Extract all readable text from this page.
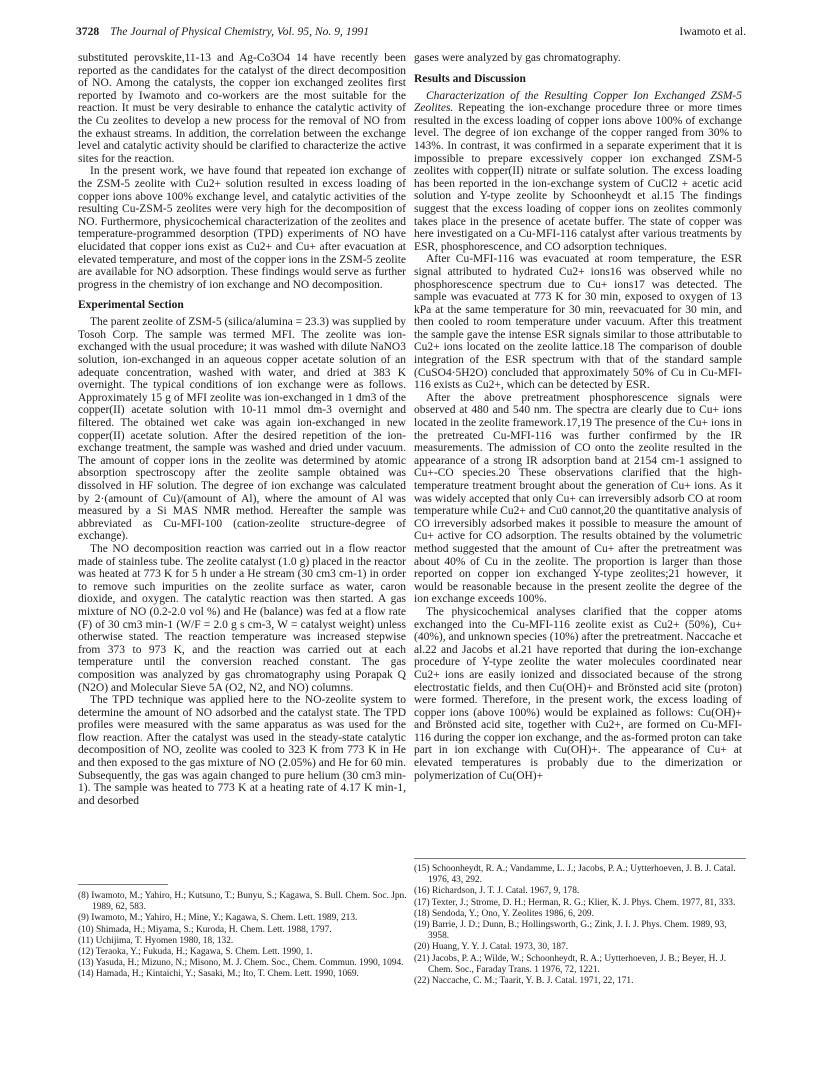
3728 The Journal of Physical Chemistry, Vol. 95, No. 9, 1991	Iwamoto et al.

substituted perovskite,11-13 and Ag-Co3O4 14 have recently been reported as the candidates for the catalyst of the direct decomposition of NO. Among the catalysts, the copper ion exchanged zeolites first reported by Iwamoto and co-workers are the most suitable for the reaction. It must be very desirable to enhance the catalytic activity of the Cu zeolites to develop a new process for the removal of NO from the exhaust streams. In addition, the correlation between the exchange level and catalytic activity should be clarified to characterize the active sites for the reaction.

In the present work, we have found that repeated ion exchange of the ZSM-5 zeolite with Cu2+ solution resulted in excess loading of copper ions above 100% exchange level, and catalytic activities of the resulting Cu-ZSM-5 zeolites were very high for the decomposition of NO. Furthermore, physicochemical characterization of the zeolites and temperature-programmed desorption (TPD) experiments of NO have elucidated that copper ions exist as Cu2+ and Cu+ after evacuation at elevated temperature, and most of the copper ions in the ZSM-5 zeolite are available for NO adsorption. These findings would serve as further progress in the chemistry of ion exchange and NO decomposition.

Experimental Section

The parent zeolite of ZSM-5 (silica/alumina = 23.3) was supplied by Tosoh Corp. The sample was termed MFI. The zeolite was ion-exchanged with the usual procedure; it was washed with dilute NaNO3 solution, ion-exchanged in an aqueous copper acetate solution of an adequate concentration, washed with water, and dried at 383 K overnight. The typical conditions of ion exchange were as follows. Approximately 15 g of MFI zeolite was ion-exchanged in 1 dm3 of the copper(II) acetate solution with 10-11 mmol dm-3 overnight and filtered. The obtained wet cake was again ion-exchanged in new copper(II) acetate solution. After the desired repetition of the ion-exchange treatment, the sample was washed and dried under vacuum. The amount of copper ions in the zeolite was determined by atomic absorption spectroscopy after the zeolite sample obtained was dissolved in HF solution. The degree of ion exchange was calculated by 2·(amount of Cu)/(amount of Al), where the amount of Al was measured by a Si MAS NMR method. Hereafter the sample was abbreviated as Cu-MFI-100 (cation-zeolite structure-degree of exchange).

The NO decomposition reaction was carried out in a flow reactor made of stainless tube. The zeolite catalyst (1.0 g) placed in the reactor was heated at 773 K for 5 h under a He stream (30 cm3 cm-1) in order to remove such impurities on the zeolite surface as water, caron dioxide, and oxygen. The catalytic reaction was then started. A gas mixture of NO (0.2-2.0 vol %) and He (balance) was fed at a flow rate (F) of 30 cm3 min-1 (W/F = 2.0 g s cm-3, W = catalyst weight) unless otherwise stated. The reaction temperature was increased stepwise from 373 to 973 K, and the reaction was carried out at each temperature until the conversion reached constant. The gas composition was analyzed by gas chromatography using Porapak Q (N2O) and Molecular Sieve 5A (O2, N2, and NO) columns.

The TPD technique was applied here to the NO-zeolite system to determine the amount of NO adsorbed and the catalyst state. The TPD profiles were measured with the same apparatus as was used for the flow reaction. After the catalyst was used in the steady-state catalytic decomposition of NO, zeolite was cooled to 323 K from 773 K in He and then exposed to the gas mixture of NO (2.05%) and He for 60 min. Subsequently, the gas was again changed to pure helium (30 cm3 min-1). The sample was heated to 773 K at a heating rate of 4.17 K min-1, and desorbed

gases were analyzed by gas chromatography.

Results and Discussion

Characterization of the Resulting Copper Ion Exchanged ZSM-5 Zeolites. Repeating the ion-exchange procedure three or more times resulted in the excess loading of copper ions above 100% of exchange level. The degree of ion exchange of the copper ranged from 30% to 143%. In contrast, it was confirmed in a separate experiment that it is impossible to prepare excessively copper ion exchanged ZSM-5 zeolites with copper(II) nitrate or sulfate solution. The excess loading has been reported in the ion-exchange system of CuCl2 + acetic acid solution and Y-type zeolite by Schoonheydt et al.15 The findings suggest that the excess loading of copper ions on zeolites commonly takes place in the presence of acetate buffer. The state of copper was here investigated on a Cu-MFI-116 catalyst after various treatments by ESR, phosphorescence, and CO adsorption techniques.

After Cu-MFI-116 was evacuated at room temperature, the ESR signal attributed to hydrated Cu2+ ions16 was observed while no phosphorescence spectrum due to Cu+ ions17 was detected. The sample was evacuated at 773 K for 30 min, exposed to oxygen of 13 kPa at the same temperature for 30 min, reevacuated for 30 min, and then cooled to room temperature under vacuum. After this treatment the sample gave the intense ESR signals similar to those attributable to Cu2+ ions located on the zeolite lattice.18 The comparison of double integration of the ESR spectrum with that of the standard sample (CuSO4·5H2O) concluded that approximately 50% of Cu in Cu-MFI-116 exists as Cu2+, which can be detected by ESR.

After the above pretreatment phosphorescence signals were observed at 480 and 540 nm. The spectra are clearly due to Cu+ ions located in the zeolite framework.17,19 The presence of the Cu+ ions in the pretreated Cu-MFI-116 was further confirmed by the IR measurements. The admission of CO onto the zeolite resulted in the appearance of a strong IR adsorption band at 2154 cm-1 assigned to Cu+-CO species.20 These observations clarified that the high-temperature treatment brought about the generation of Cu+ ions. As it was widely accepted that only Cu+ can irreversibly adsorb CO at room temperature while Cu2+ and Cu0 cannot,20 the quantitative analysis of CO irreversibly adsorbed makes it possible to measure the amount of Cu+ active for CO adsorption. The results obtained by the volumetric method suggested that the amount of Cu+ after the pretreatment was about 40% of Cu in the zeolite. The proportion is larger than those reported on copper ion exchanged Y-type zeolites;21 however, it would be reasonable because in the present zeolite the degree of the ion exchange exceeds 100%.

The physicochemical analyses clarified that the copper atoms exchanged into the Cu-MFI-116 zeolite exist as Cu2+ (50%), Cu+ (40%), and unknown species (10%) after the pretreatment. Naccache et al.22 and Jacobs et al.21 have reported that during the ion-exchange procedure of Y-type zeolite the water molecules coordinated near Cu2+ ions are easily ionized and dissociated because of the strong electrostatic fields, and then Cu(OH)+ and Brönsted acid site (proton) were formed. Therefore, in the present work, the excess loading of copper ions (above 100%) would be explained as follows: Cu(OH)+ and Brönsted acid site, together with Cu2+, are formed on Cu-MFI-116 during the copper ion exchange, and the as-formed proton can take part in ion exchange with Cu(OH)+. The appearance of Cu+ at elevated temperatures is probably due to the dimerization or polymerization of Cu(OH)+

(8) Iwamoto, M.; Yahiro, H.; Kutsuno, T.; Bunyu, S.; Kagawa, S. Bull. Chem. Soc. Jpn. 1989, 62, 583.
(9) Iwamoto, M.; Yahiro, H.; Mine, Y.; Kagawa, S. Chem. Lett. 1989, 213.
(10) Shimada, H.; Miyama, S.; Kuroda, H. Chem. Lett. 1988, 1797.
(11) Uchijima, T. Hyomen 1980, 18, 132.
(12) Teraoka, Y.; Fukuda, H.; Kagawa, S. Chem. Lett. 1990, 1.
(13) Yasuda, H.; Mizuno, N.; Misono, M. J. Chem. Soc., Chem. Commun. 1990, 1094.
(14) Hamada, H.; Kintaichi, Y.; Sasaki, M.; Ito, T. Chem. Lett. 1990, 1069.
(15) Schoonheydt, R. A.; Vandamme, L. J.; Jacobs, P. A.; Uytterhoeven, J. B. J. Catal. 1976, 43, 292.
(16) Richardson, J. T. J. Catal. 1967, 9, 178.
(17) Texter, J.; Strome, D. H.; Herman, R. G.; Klier, K. J. Phys. Chem. 1977, 81, 333.
(18) Sendoda, Y.; Ono, Y. Zeolites 1986, 6, 209.
(19) Barrie, J. D.; Dunn, B.; Hollingsworth, G.; Zink, J. I. J. Phys. Chem. 1989, 93, 3958.
(20) Huang, Y. Y. J. Catal. 1973, 30, 187.
(21) Jacobs, P. A.; Wilde, W.; Schoonheydt, R. A.; Uytterhoeven, J. B.; Beyer, H. J. Chem. Soc., Faraday Trans. 1 1976, 72, 1221.
(22) Naccache, C. M.; Taarit, Y. B. J. Catal. 1971, 22, 171.
